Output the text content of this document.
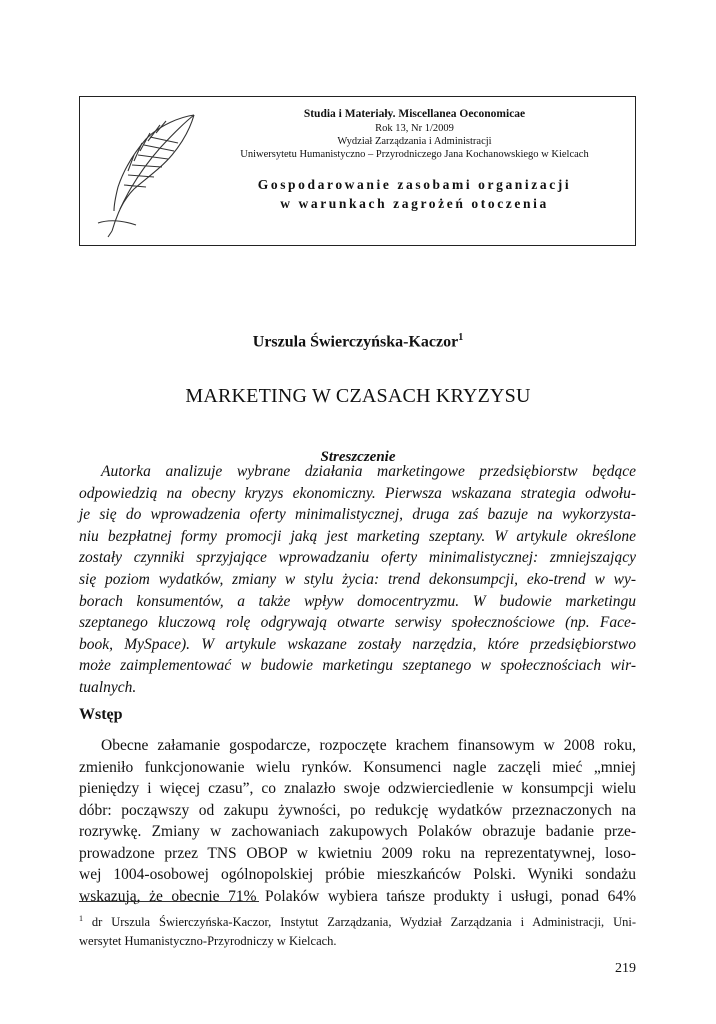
Studia i Materiały. Miscellanea Oeconomicae
Rok 13, Nr 1/2009
Wydział Zarządzania i Administracji
Uniwersytetu Humanistyczno – Przyrodniczego Jana Kochanowskiego w Kielcach
Gospodarowanie zasobami organizacji
w warunkach zagrożeń otoczenia
Urszula Świerczyńska-Kaczor$^1$
MARKETING W CZASACH KRYZYSU
Streszczenie
Autorka analizuje wybrane działania marketingowe przedsiębiorstw będące
odpowiedzią na obecny kryzys ekonomiczny. Pierwsza wskazana strategia odwołu-
je się do wprowadzenia oferty minimalistycznej, druga zaś bazuje na wykorzysta-
niu bezpłatnej formy promocji jaką jest marketing szeptany. W artykule określone
zostały czynniki sprzyjające wprowadzaniu oferty minimalistycznej: zmniejszający
się poziom wydatków, zmiany w stylu życia: trend dekonsumpcji, eko-trend w wy-
borach konsumentów, a także wpływ domocentryzmu. W budowie marketingu
szeptanego kluczową rolę odgrywają otwarte serwisy społecznościowe (np. Face-
book, MySpace). W artykule wskazane zostały narzędzia, które przedsiębiorstwo
może zaimplementować w budowie marketingu szeptanego w społecznościach wir-
tualnych.
Wstęp
Obecne załamanie gospodarcze, rozpoczęte krachem finansowym w 2008 roku,
zmieniło funkcjonowanie wielu rynków. Konsumenci nagle zaczęli mieć „mniej
pieniędzy i więcej czasu”, co znalazło swoje odzwierciedlenie w konsumpcji wielu
dóbr: począwszy od zakupu żywności, po redukcję wydatków przeznaczonych na
rozrywkę. Zmiany w zachowaniach zakupowych Polaków obrazuje badanie prze-
prowadzone przez TNS OBOP w kwietniu 2009 roku na reprezentatywnej, loso-
wej 1004-osobowej ogólnopolskiej próbie mieszkańców Polski. Wyniki sondażu
wskazują, że obecnie 71% Polaków wybiera tańsze produkty i usługi, ponad 64%
$^1$ dr Urszula Świerczyńska-Kaczor, Instytut Zarządzania, Wydział Zarządzania i Administracji, Uni-
wersytet Humanistyczno-Przyrodniczy w Kielcach.
219
